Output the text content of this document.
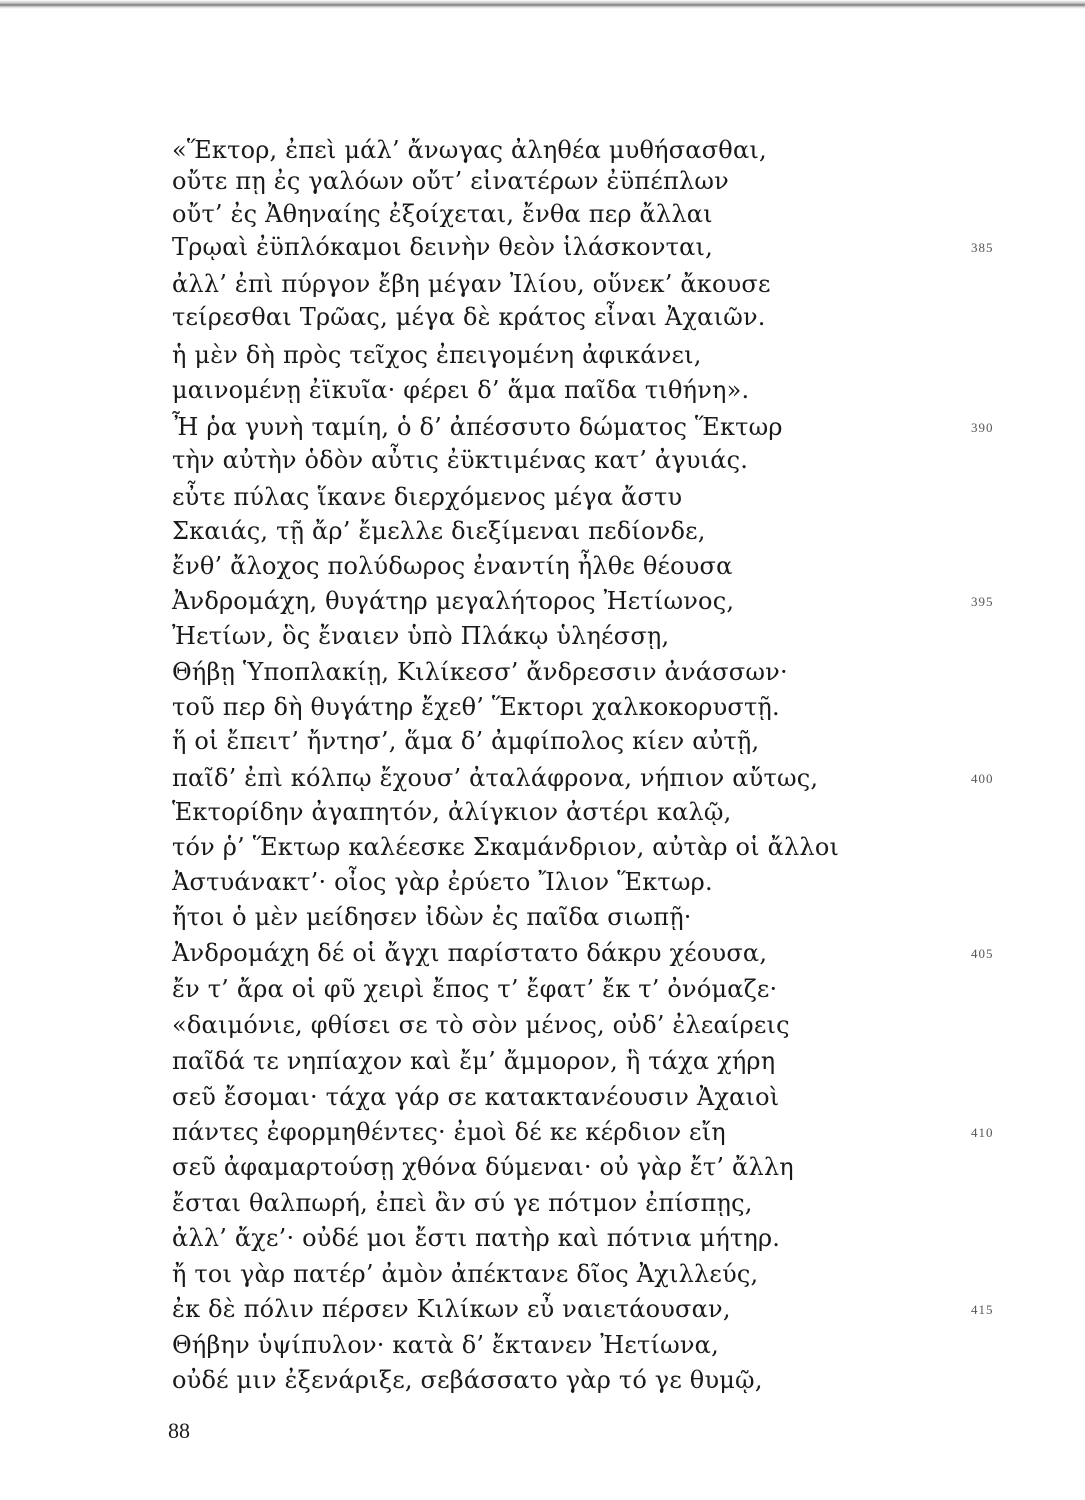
«Ἕκτορ, ἐπεὶ μάλ’ ἄνωγας ἀληθέα μυθήσασθαι,
οὔτε πῃ ἐς γαλόων οὔτ’ εἰνατέρων ἐϋπέπλων
οὔτ’ ἐς Ἀθηναίης ἐξοίχεται, ἔνθα περ ἄλλαι
Τρῳαὶ ἐϋπλόκαμοι δεινὴν θεὸν ἱλάσκονται,	385
ἀλλ’ ἐπὶ πύργον ἔβη μέγαν Ἰλίου, οὕνεκ’ ἄκουσε
τείρεσθαι Τρῶας, μέγα δὲ κράτος εἶναι Ἀχαιῶν.
ἡ μὲν δὴ πρὸς τεῖχος ἐπειγομένη ἀφικάνει,
μαινομένῃ ἐϊκυῖα· φέρει δ’ ἅμα παῖδα τιθήνη».
Ἦ ῥα γυνὴ ταμίη, ὁ δ’ ἀπέσσυτο δώματος Ἕκτωρ	390
τὴν αὐτὴν ὁδὸν αὖτις ἐϋκτιμένας κατ’ ἀγυιάς.
εὖτε πύλας ἵκανε διερχόμενος μέγα ἄστυ
Σκαιάς, τῇ ἄρ’ ἔμελλε διεξίμεναι πεδίονδε,
ἔνθ’ ἄλοχος πολύδωρος ἐναντίη ἦλθε θέουσα
Ἀνδρομάχη, θυγάτηρ μεγαλήτορος Ἠετίωνος,	395
Ἠετίων, ὃς ἔναιεν ὑπὸ Πλάκῳ ὑληέσσῃ,
Θήβῃ Ὑποπλακίῃ, Κιλίκεσσ’ ἄνδρεσσιν ἀνάσσων·
τοῦ περ δὴ θυγάτηρ ἔχεθ’ Ἕκτορι χαλκοκορυστῇ.
ἥ οἱ ἔπειτ’ ἤντησ’, ἅμα δ’ ἀμφίπολος κίεν αὐτῇ,
παῖδ’ ἐπὶ κόλπῳ ἔχουσ’ ἀταλάφρονα, νήπιον αὔτως,	400
Ἑκτορίδην ἀγαπητόν, ἀλίγκιον ἀστέρι καλῷ,
τόν ῥ’ Ἕκτωρ καλέεσκε Σκαμάνδριον, αὐτὰρ οἱ ἄλλοι
Ἀστυάνακτ’· οἶος γὰρ ἐρύετο Ἴλιον Ἕκτωρ.
ἤτοι ὁ μὲν μείδησεν ἰδὼν ἐς παῖδα σιωπῇ·
Ἀνδρομάχη δέ οἱ ἄγχι παρίστατο δάκρυ χέουσα,	405
ἔν τ’ ἄρα οἱ φῦ χειρὶ ἔπος τ’ ἔφατ’ ἔκ τ’ ὀνόμαζε·
«δαιμόνιε, φθίσει σε τὸ σὸν μένος, οὐδ’ ἐλεαίρεις
παῖδά τε νηπίαχον καὶ ἔμ’ ἄμμορον, ἣ τάχα χήρη
σεῦ ἔσομαι· τάχα γάρ σε κατακτανέουσιν Ἀχαιοὶ
πάντες ἐφορμηθέντες· ἐμοὶ δέ κε κέρδιον εἴη	410
σεῦ ἀφαμαρτούσῃ χθόνα δύμεναι· οὐ γὰρ ἔτ’ ἄλλη
ἔσται θαλπωρή, ἐπεὶ ἂν σύ γε πότμον ἐπίσπῃς,
ἀλλ’ ἄχε’· οὐδέ μοι ἔστι πατὴρ καὶ πότνια μήτηρ.
ἤ τοι γὰρ πατέρ’ ἀμὸν ἀπέκτανε δῖος Ἀχιλλεύς,
ἐκ δὲ πόλιν πέρσεν Κιλίκων εὖ ναιετάουσαν,	415
Θήβην ὑψίπυλον· κατὰ δ’ ἔκτανεν Ἠετίωνα,
οὐδέ μιν ἐξενάριξε, σεβάσσατο γὰρ τό γε θυμῷ,
88
